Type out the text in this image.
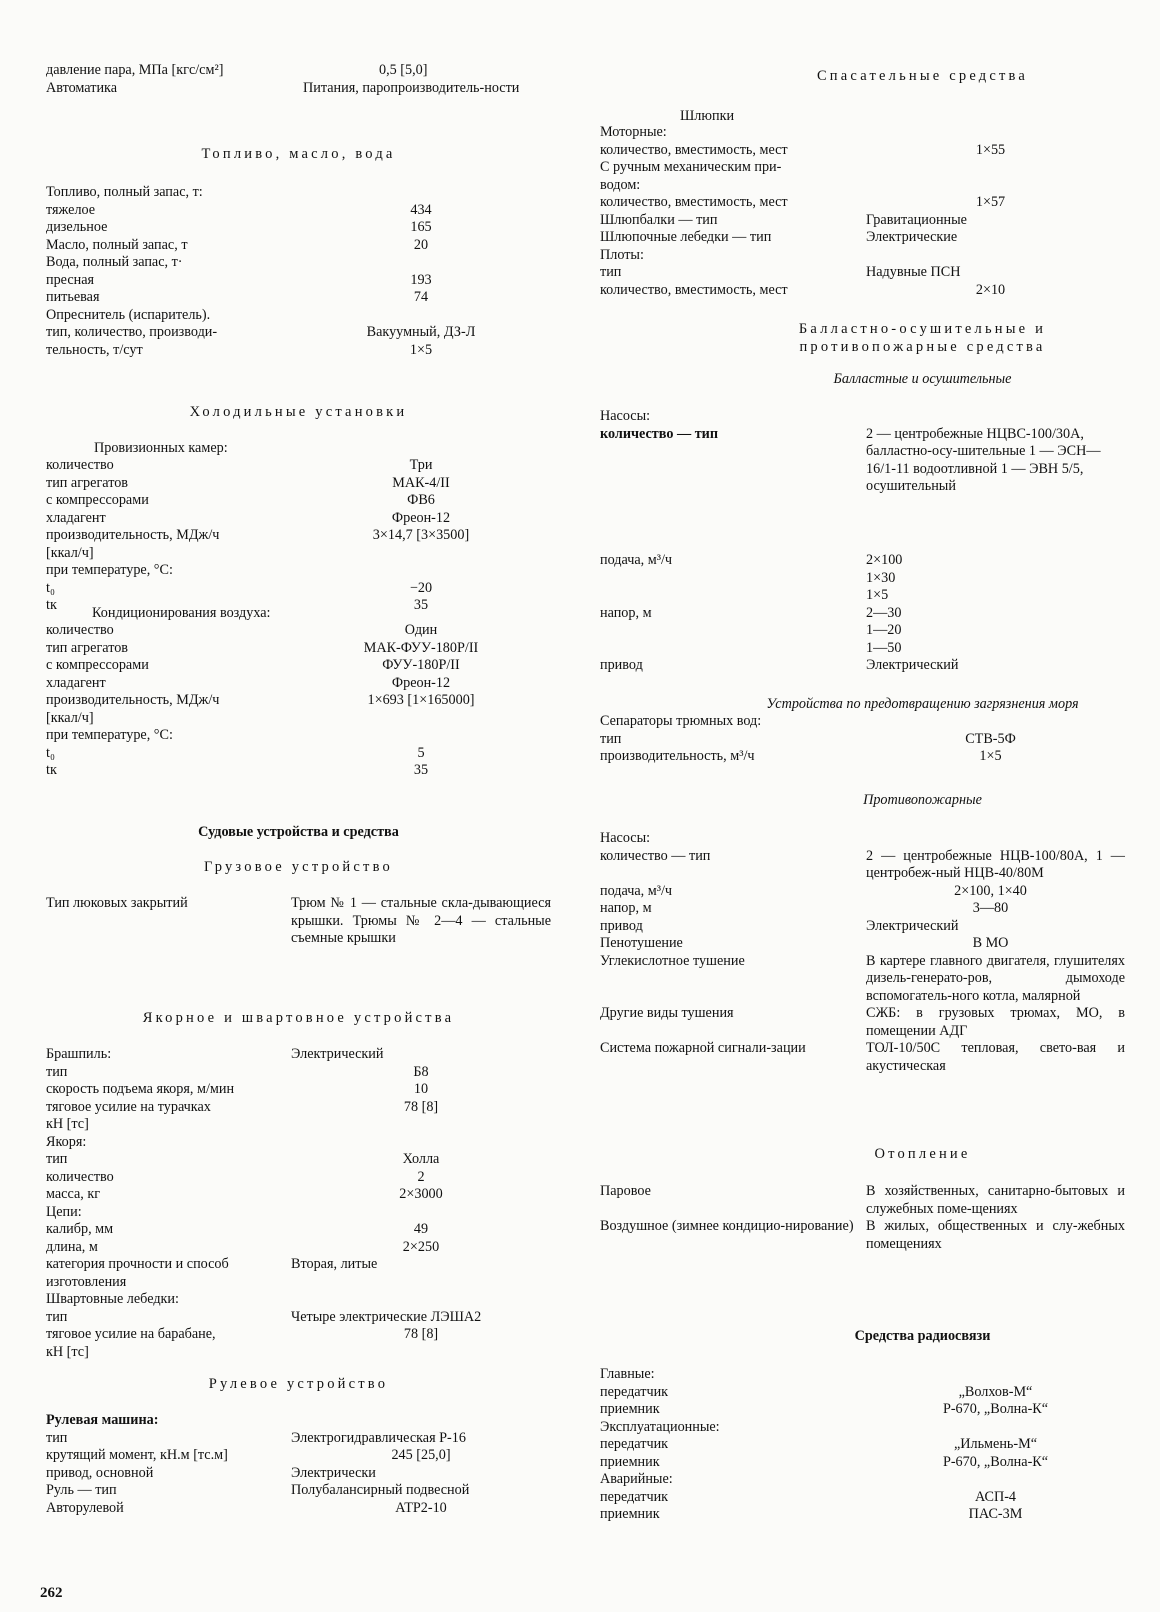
давление пара, МПа [кгс/см²]	0,5 [5,0]
Автоматика	Питания, паропроизводитель-ности
Топливо, масло, вода
Топливо, полный запас, т:
тяжелое	434
дизельное	165
Масло, полный запас, т	20
Вода, полный запас, т·
пресная	193
питьевая	74
Опреснитель (испаритель).
тип, количество, производи-	Вакуумный, ДЗ-Л
тельность, т/сут	1×5
Холодильные установки
Провизионных камер:
количество	Три
тип агрегатов	МАК-4/II
с компрессорами	ФВ6
хладагент	Фреон-12
производительность, МДж/ч	3×14,7 [3×3500]
[ккал/ч]
при температуре, °С:
t₀	−20
tк	35
Кондиционирования воздуха:
количество	Один
тип агрегатов	МАК-ФУУ-180Р/II
с компрессорами	ФУУ-180Р/II
хладагент	Фреон-12
производительность, МДж/ч	1×693 [1×165000]
[ккал/ч]
при температуре, °С:
t₀	5
tк	35
Судовые устройства и средства
Грузовое устройство
Тип люковых закрытий	Трюм № 1 — стальные скла-дывающиеся крышки. Трюмы № 2—4 — стальные съемные крышки
Якорное и швартовное устройства
Брашпиль:	Электрический
тип	Б8
скорость подъема якоря, м/мин	10
тяговое усилие на турачках	78 [8]
кН [тс]
Якоря:
тип	Холла
количество	2
масса, кг	2×3000
Цепи:
калибр, мм	49
длина, м	2×250
категория прочности и способ	Вторая, литые
изготовления
Швартовные лебедки:
тип	Четыре электрические ЛЭША2
тяговое усилие на барабане,	78 [8]
кН [тс]
Рулевое устройство
Рулевая машина:
тип	Электрогидравлическая Р-16
крутящий момент, кН.м [тс.м]	245 [25,0]
привод, основной	Электрически
Руль — тип	Полубалансирный подвесной
Авторулевой	АТР2-10
Спасательные средства
Шлюпки
Моторные:
количество, вместимость, мест	1×55
С ручным механическим при-
водом:
количество, вместимость, мест	1×57
Шлюпбалки — тип	Гравитационные
Шлюпочные лебедки — тип	Электрические
Плоты:
тип	Надувные ПСН
количество, вместимость, мест	2×10
Балластно-осушительные и
противопожарные средства
Балластные и осушительные
Насосы:
количество — тип	2 — центробежные НЦВС-100/30А, балластно-осу-шительные 1 — ЭСН—16/1-11 водоотливной 1 — ЭВН 5/5, осушительный
подача, м³/ч	2×100
1×30
1×5
напор, м	2—30
1—20
1—50
привод	Электрический
Устройства по предотвращению загрязнения моря
Сепараторы трюмных вод:
тип	СТВ-5Ф
производительность, м³/ч	1×5
Противопожарные
Насосы:
количество — тип	2 — центробежные НЦВ-100/80А, 1 — центробеж-ный НЦВ-40/80М
подача, м³/ч	2×100, 1×40
напор, м	3—80
привод	Электрический
Пенотушение	В МО
Углекислотное тушение	В картере главного двигателя, глушителях дизель-генерато-ров, дымоходе вспомогатель-ного котла, малярной
Другие виды тушения	СЖБ: в грузовых трюмах, МО, в помещении АДГ
Система пожарной сигнали-зации	ТОЛ-10/50С тепловая, свето-вая и акустическая
Отопление
Паровое	В хозяйственных, санитарно-бытовых и служебных поме-щениях
Воздушное (зимнее кондицио-нирование) В жилых, общественных и слу-жебных помещениях
Средства радиосвязи
Главные:
передатчик	„Волхов-М“
приемник	Р-670, „Волна-К“
Эксплуатационные:
передатчик	„Ильмень-М“
приемник	Р-670, „Волна-К“
Аварийные:
передатчик	АСП-4
приемник	ПАС-3М
262
